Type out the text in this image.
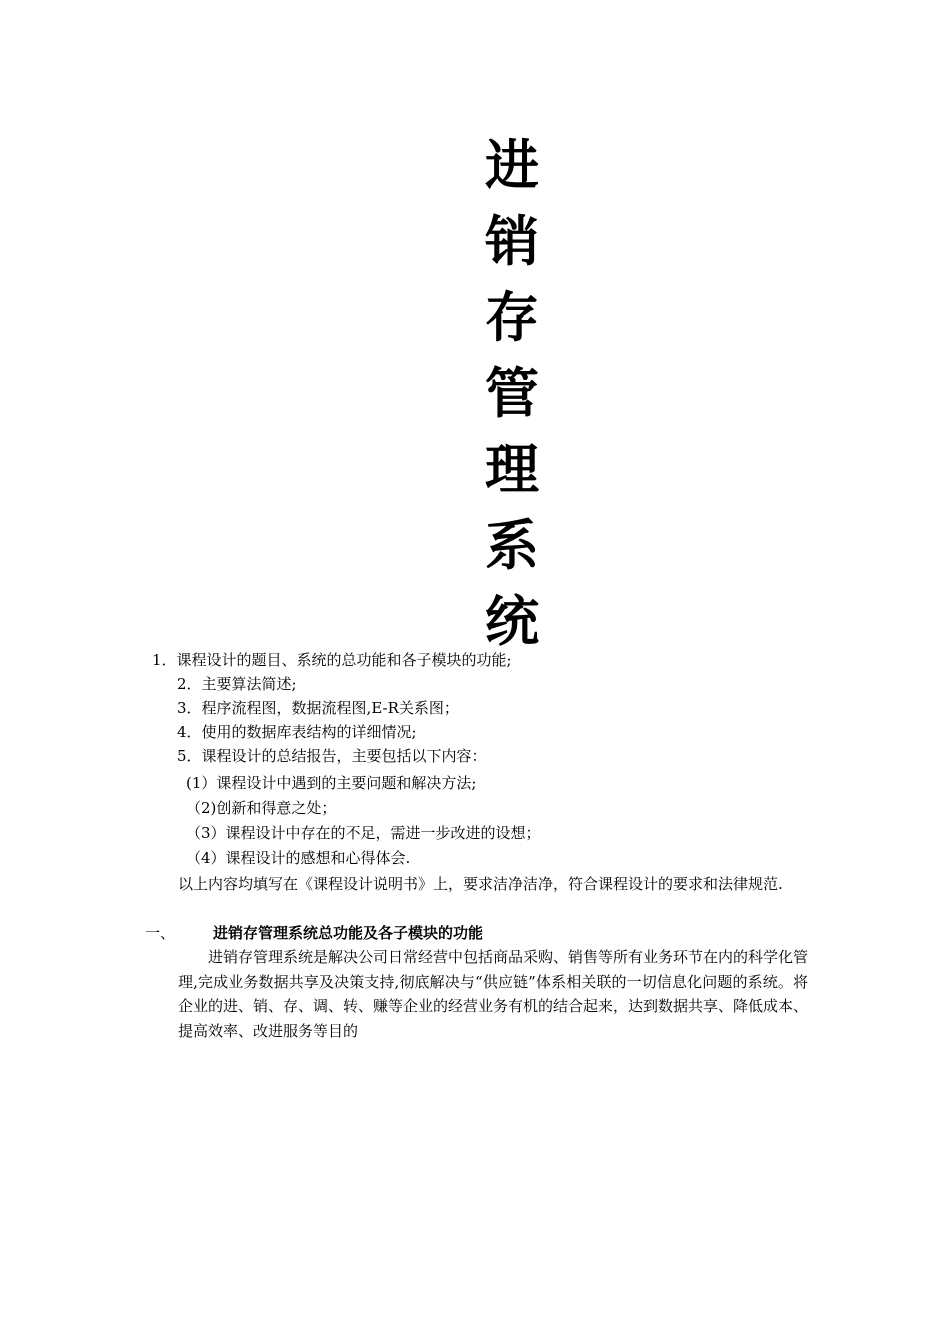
进
销
存
管
理
系
统
1．课程设计的题目、系统的总功能和各子模块的功能;
2．主要算法简述;
3．程序流程图，数据流程图,E-R关系图；
4．使用的数据库表结构的详细情况;
5．课程设计的总结报告，主要包括以下内容：
(1）课程设计中遇到的主要问题和解决方法;
（2)创新和得意之处；
（3）课程设计中存在的不足，需进一步改进的设想；
（4）课程设计的感想和心得体会.
以上内容均填写在《课程设计说明书》上，要求洁净洁净，符合课程设计的要求和法律规范.
一、	进销存管理系统总功能及各子模块的功能
进销存管理系统是解决公司日常经营中包括商品采购、销售等所有业务环节在内的科学化管理,完成业务数据共享及决策支持,彻底解决与“供应链”体系相关联的一切信息化问题的系统。将企业的进、销、存、调、转、赚等企业的经营业务有机的结合起来，达到数据共享、降低成本、提高效率、改进服务等目的
